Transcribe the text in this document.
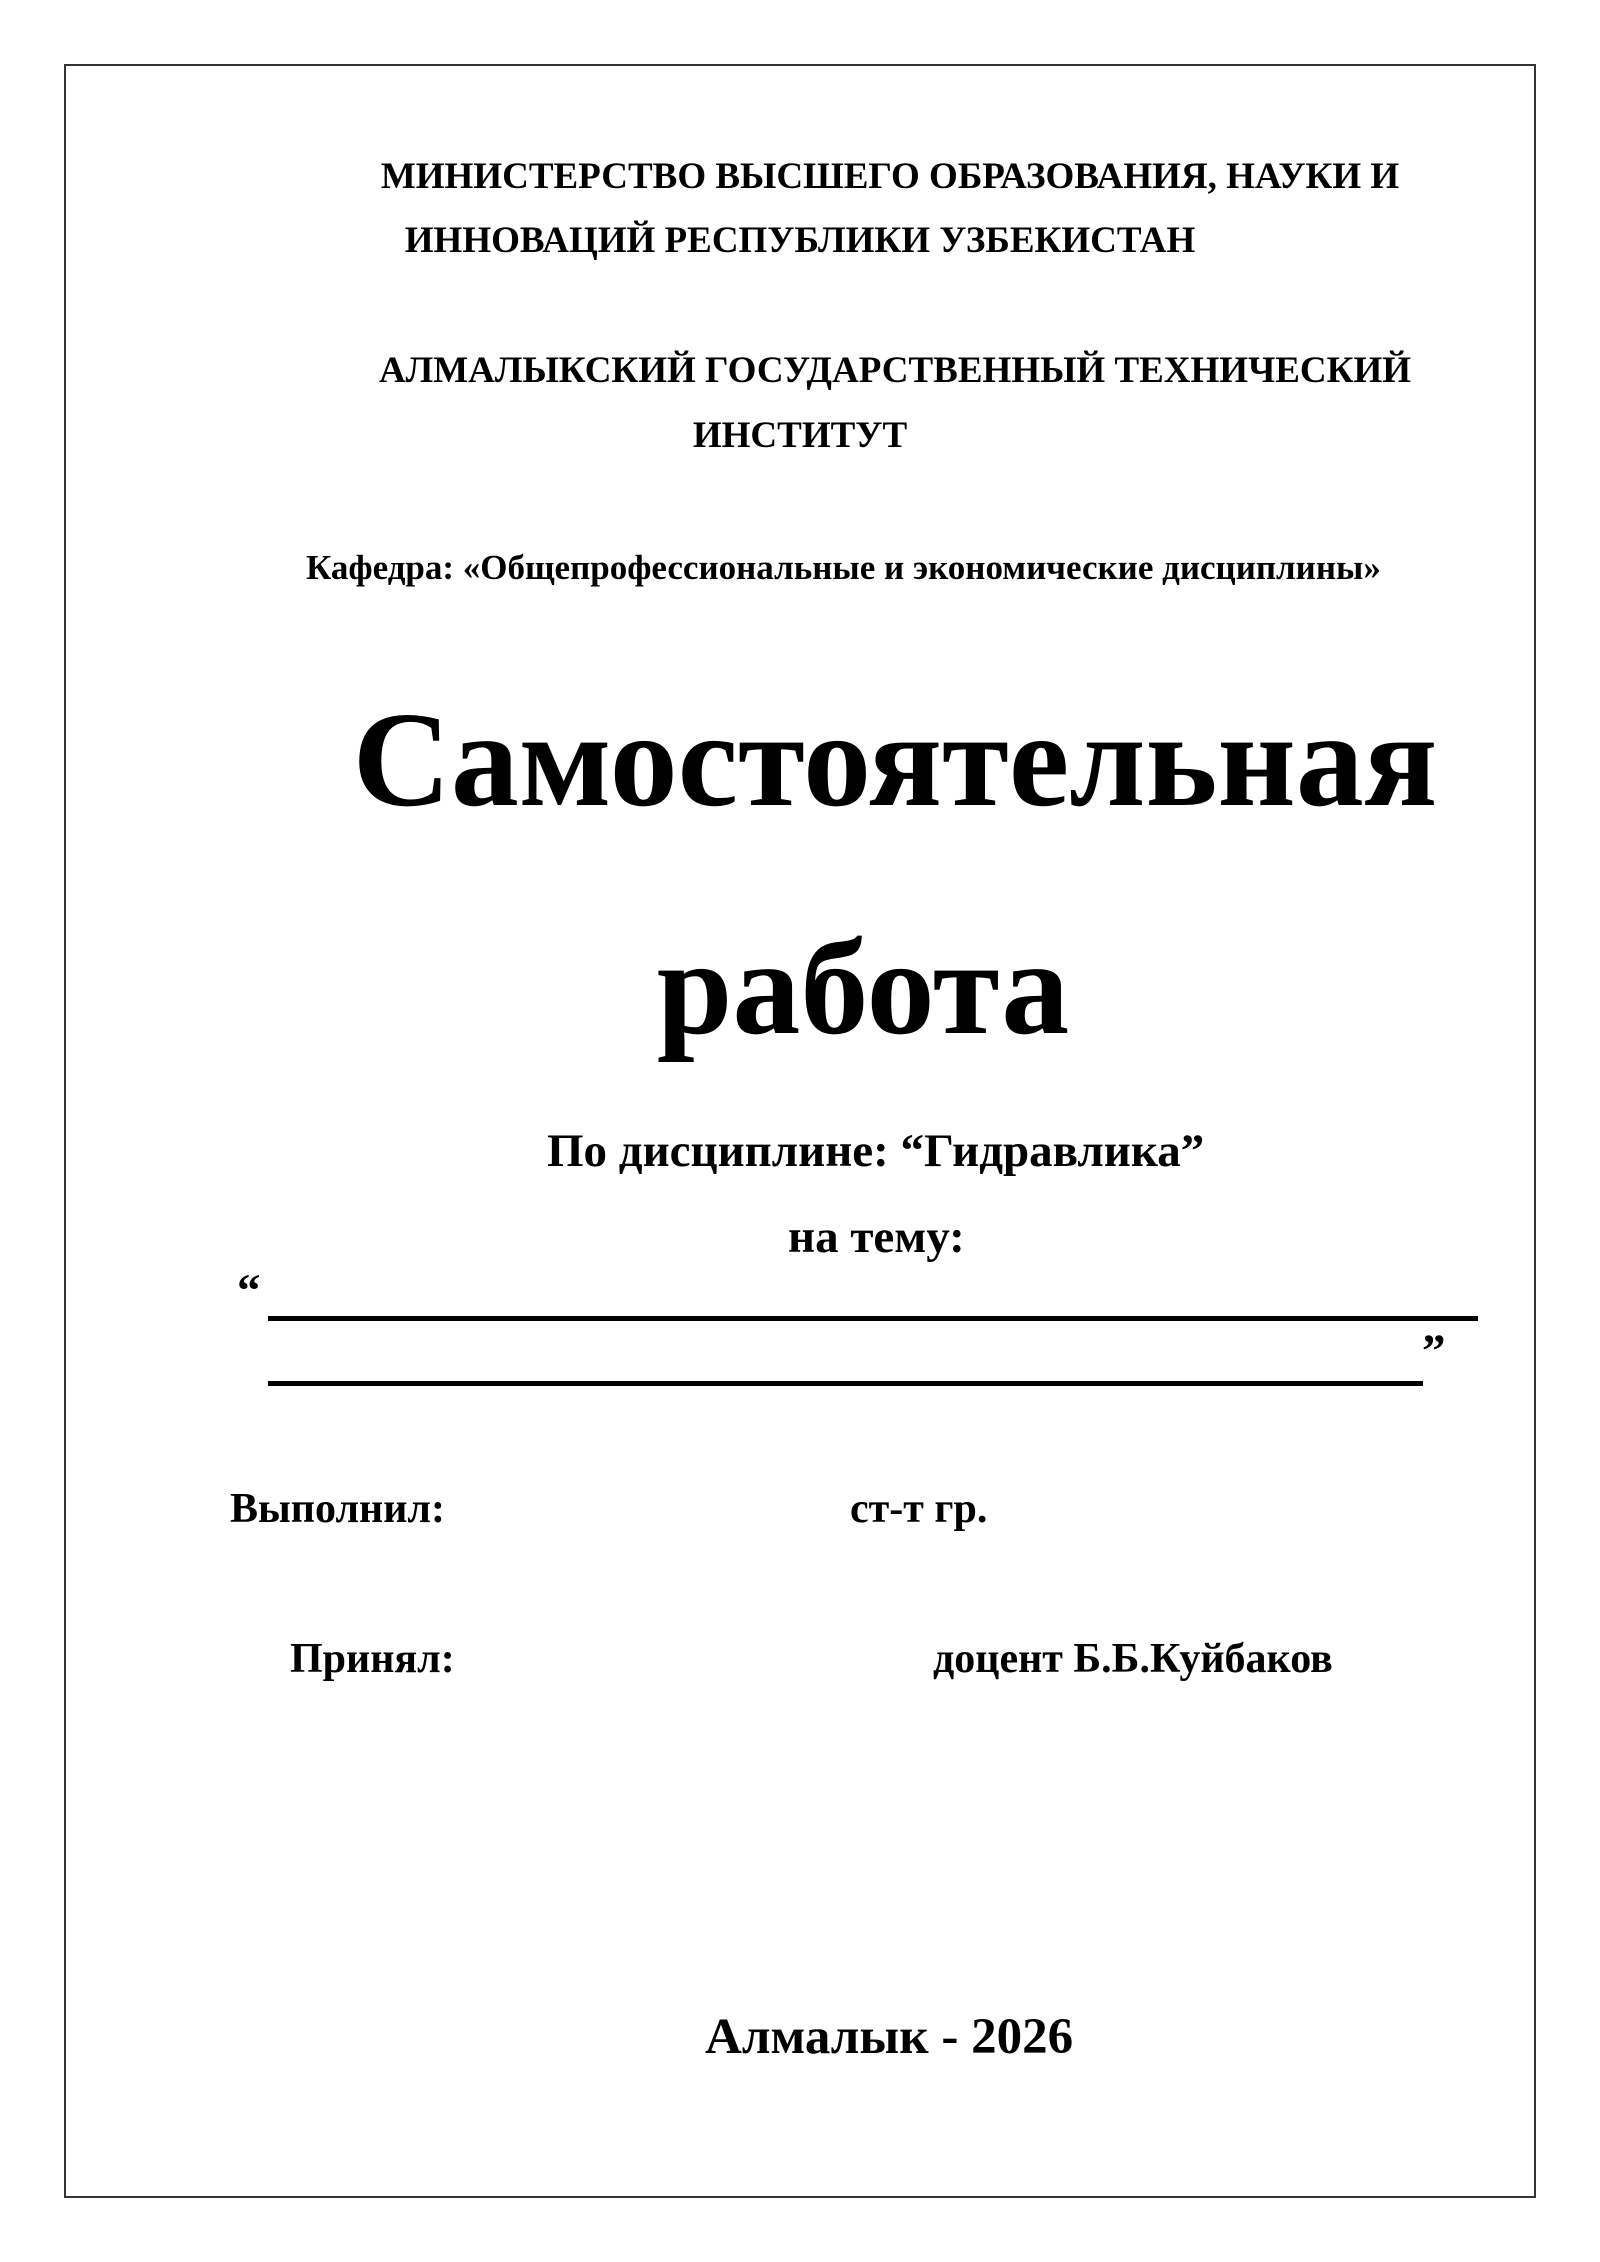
МИНИСТЕРСТВО ВЫСШЕГО ОБРАЗОВАНИЯ, НАУКИ И
ИННОВАЦИЙ РЕСПУБЛИКИ УЗБЕКИСТАН
АЛМАЛЫКСКИЙ ГОСУДАРСТВЕННЫЙ ТЕХНИЧЕСКИЙ
ИНСТИТУТ
Кафедра: «Общепрофессиональные и экономические дисциплины»
Самостоятельная
работа
По дисциплине: “Гидравлика”
на тему:
“
”
Выполнил:	ст-т гр.
Принял:	доцент Б.Б.Куйбаков
Алмалык - 2026
